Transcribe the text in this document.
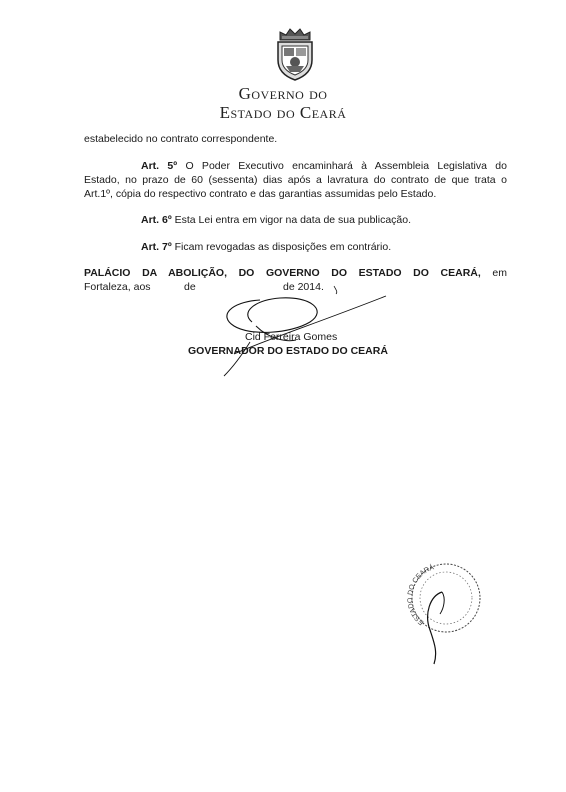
GOVERNO DO
ESTADO DO CEARÁ
estabelecido no contrato correspondente.
Art. 5º O Poder Executivo encaminhará à Assembleia Legislativa do
Estado, no prazo de 60 (sessenta) dias após a lavratura do contrato de que trata o
Art.1º, cópia do respectivo contrato e das garantias assumidas pelo Estado.
Art. 6º Esta Lei entra em vigor na data de sua publicação.
Art. 7º Ficam revogadas as disposições em contrário.
PALÁCIO DA ABOLIÇÃO, DO GOVERNO DO ESTADO DO CEARÁ, em
Fortaleza, aos	de	de 2014.
Cid Ferreira Gomes
GOVERNADOR DO ESTADO DO CEARÁ
ESTADO DO CEARÁ
